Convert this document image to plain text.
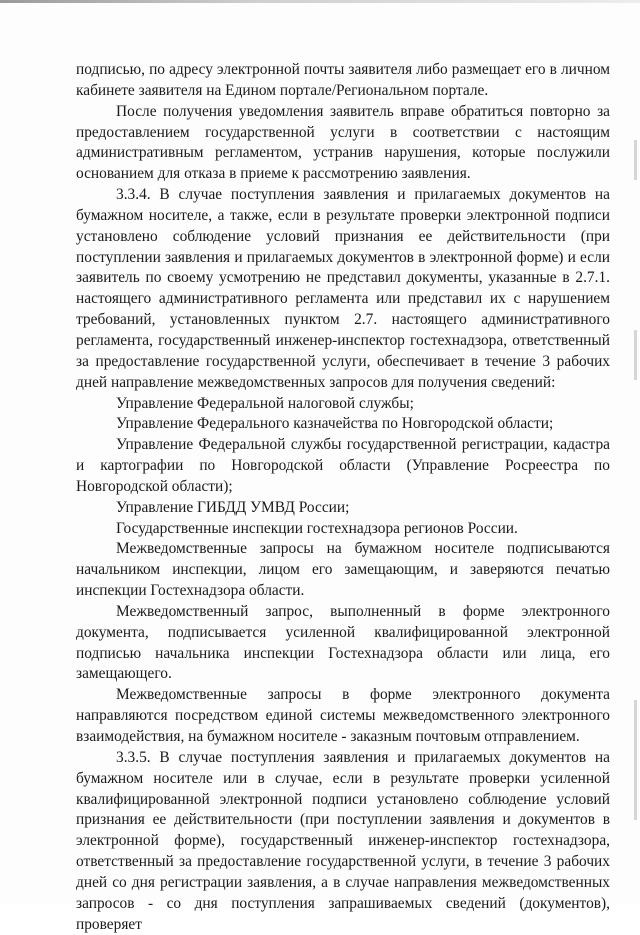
подписью, по адресу электронной почты заявителя либо размещает его в личном кабинете заявителя на Едином портале/Региональном портале.

После получения уведомления заявитель вправе обратиться повторно за предоставлением государственной услуги в соответствии с настоящим административным регламентом, устранив нарушения, которые послужили основанием для отказа в приеме к рассмотрению заявления.

3.3.4. В случае поступления заявления и прилагаемых документов на бумажном носителе, а также, если в результате проверки электронной подписи установлено соблюдение условий признания ее действительности (при поступлении заявления и прилагаемых документов в электронной форме) и если заявитель по своему усмотрению не представил документы, указанные в 2.7.1. настоящего административного регламента или представил их с нарушением требований, установленных пунктом 2.7. настоящего административного регламента, государственный инженер-инспектор гостехнадзора, ответственный за предоставление государственной услуги, обеспечивает в течение 3 рабочих дней направление межведомственных запросов для получения сведений:

Управление Федеральной налоговой службы;

Управление Федерального казначейства по Новгородской области;

Управление Федеральной службы государственной регистрации, кадастра и картографии по Новгородской области (Управление Росреестра по Новгородской области);

Управление ГИБДД УМВД России;

Государственные инспекции гостехнадзора регионов России.

Межведомственные запросы на бумажном носителе подписываются начальником инспекции, лицом его замещающим, и заверяются печатью инспекции Гостехнадзора области.

Межведомственный запрос, выполненный в форме электронного документа, подписывается усиленной квалифицированной электронной подписью начальника инспекции Гостехнадзора области или лица, его замещающего.

Межведомственные запросы в форме электронного документа направляются посредством единой системы межведомственного электронного взаимодействия, на бумажном носителе - заказным почтовым отправлением.

3.3.5. В случае поступления заявления и прилагаемых документов на бумажном носителе или в случае, если в результате проверки усиленной квалифицированной электронной подписи установлено соблюдение условий признания ее действительности (при поступлении заявления и документов в электронной форме), государственный инженер-инспектор гостехнадзора, ответственный за предоставление государственной услуги, в течение 3 рабочих дней со дня регистрации заявления, а в случае направления межведомственных запросов - со дня поступления запрашиваемых сведений (документов), проверяет
